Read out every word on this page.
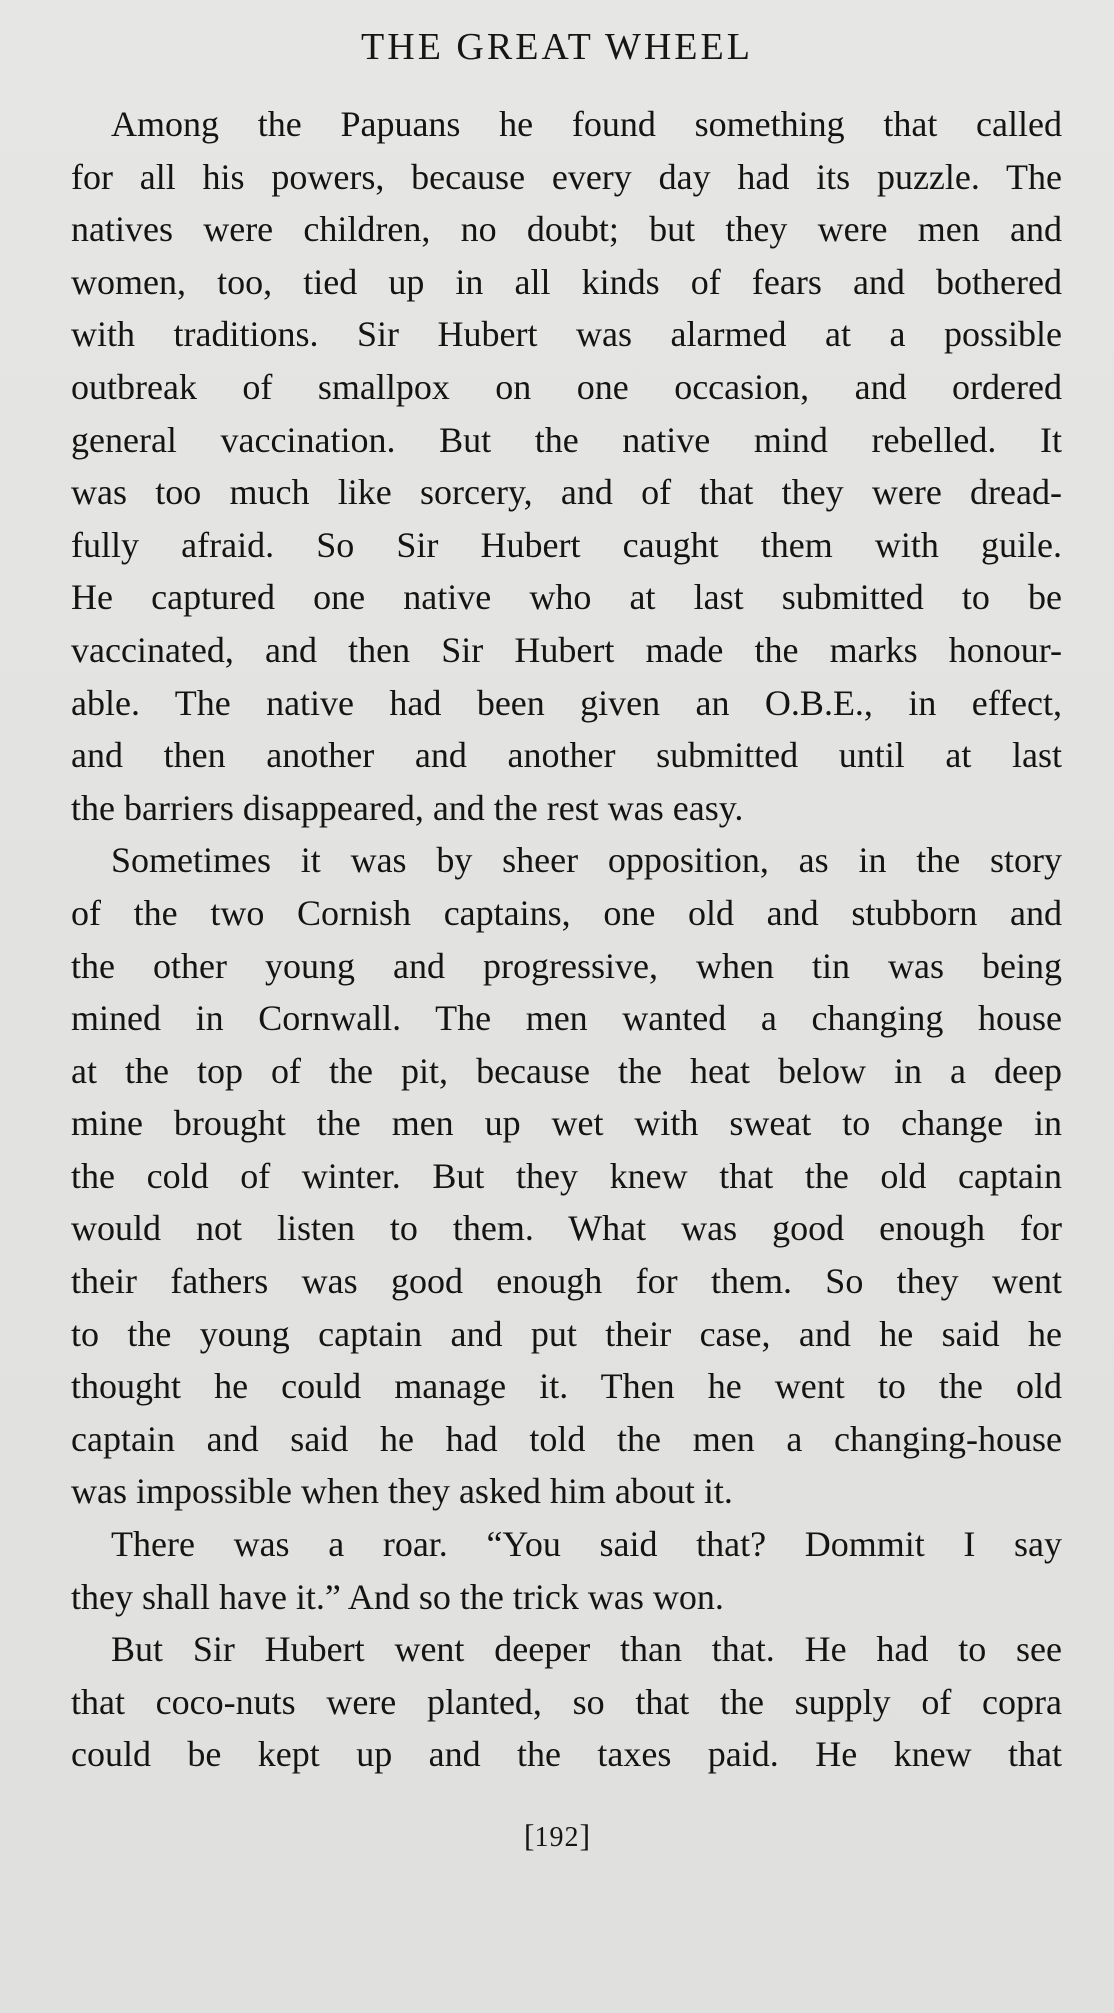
THE GREAT WHEEL
Among the Papuans he found something that called
for all his powers, because every day had its puzzle. The
natives were children, no doubt; but they were men and
women, too, tied up in all kinds of fears and bothered
with traditions. Sir Hubert was alarmed at a possible
outbreak of smallpox on one occasion, and ordered
general vaccination. But the native mind rebelled. It
was too much like sorcery, and of that they were dread-
fully afraid. So Sir Hubert caught them with guile.
He captured one native who at last submitted to be
vaccinated, and then Sir Hubert made the marks honour-
able. The native had been given an O.B.E., in effect,
and then another and another submitted until at last
the barriers disappeared, and the rest was easy.
Sometimes it was by sheer opposition, as in the story
of the two Cornish captains, one old and stubborn and
the other young and progressive, when tin was being
mined in Cornwall. The men wanted a changing house
at the top of the pit, because the heat below in a deep
mine brought the men up wet with sweat to change in
the cold of winter. But they knew that the old captain
would not listen to them. What was good enough for
their fathers was good enough for them. So they went
to the young captain and put their case, and he said he
thought he could manage it. Then he went to the old
captain and said he had told the men a changing-house
was impossible when they asked him about it.
There was a roar. “You said that? Dommit I say
they shall have it.” And so the trick was won.
But Sir Hubert went deeper than that. He had to see
that coco-nuts were planted, so that the supply of copra
could be kept up and the taxes paid. He knew that
[192]
